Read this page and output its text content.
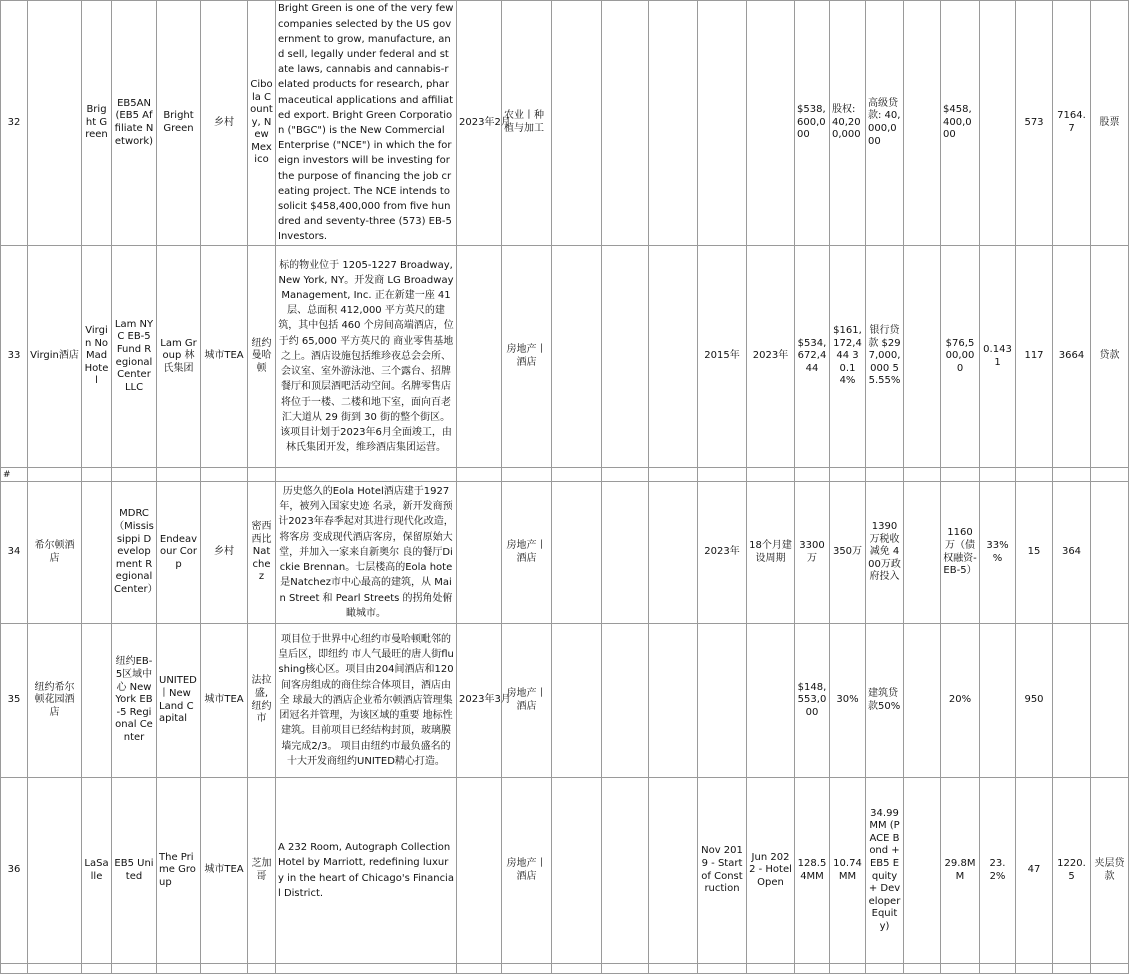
32		Bright Green	EB5AN (EB5 Affiliate Network)	Bright Green	乡村	Cibola County, New Mexico	Bright Green is one of the very few companies selected by the US government to grow, manufacture, and sell, legally under federal and state laws, cannabis and cannabis-related products for research, pharmaceutical applications and affiliated export. Bright Green Corporation ("BGC") is the New Commercial Enterprise ("NCE") in which the foreign investors will be investing for the purpose of financing the job creating project. The NCE intends to solicit $458,400,000 from five hundred and seventy-three (573) EB-5 Investors.	2023年2月	农业丨种植与加工						$538,600,000	股权: 40,200,000	高级贷款: 40,000,000		$458,400,000		573	7164.7	股票
33	Virgin酒店	Virgin NoMad Hotel	Lam NYC EB-5 Fund Regional Center LLC	Lam Group 林氏集团	城市TEA	纽约曼哈顿	标的物业位于 1205-1227 Broadway, New York, NY。开发商 LG Broadway Management, Inc. 正在新建一座 41 层、总面积 412,000 平方英尺的建筑，其中包括 460 个房间高端酒店，位于约 65,000 平方英尺的 商业零售基地之上。酒店设施包括维珍夜总会会所、会议室、室外游泳池、三个露台、招牌餐厅和顶层酒吧活动空间。名牌零售店将位于一楼、二楼和地下室，面向百老汇大道从 29 街到 30 街的整个街区。该项目计划于2023年6月全面竣工，由林氏集团开发，维珍酒店集团运营。		房地产丨酒店				2015年	2023年	$534,672,444	$161,172,444 30.14%	银行贷款 $297,000,000 55.55%		$76,500,000	0.1431	117	3664	贷款
#																							
34	希尔顿酒店		MDRC（Mississippi Development Regional Center）	Endeavour Corp	乡村	密西西比Natchez	历史悠久的Eola Hotel酒店建于1927年，被列入国家史迹 名录，新开发商预计2023年春季起对其进行现代化改造，将客房 变成现代酒店客房，保留原始大堂，并加入一家来自新奥尔 良的餐厅Dickie Brennan。七层楼高的Eola hote是Natchez市中心最高的建筑，从 Main Street 和 Pearl Streets 的拐角处俯瞰城市。		房地产丨酒店				2023年	18个月建设周期	3300万	350万	1390万税收减免 400万政府投入		1160万（债权融资-EB-5）	33%%	15	364	
35	纽约希尔顿花园酒店		纽约EB-5区域中心 New York EB-5 Regional Center	UNITED丨New Land Capital	城市TEA	法拉盛,纽约市	项目位于世界中心纽约市曼哈顿毗邻的皇后区，即纽约 市人气最旺的唐人街flushing核心区。项目由204间酒店和120间客房组成的商住综合体项目，酒店由全 球最大的酒店企业希尔顿酒店管理集团冠名并管理，为该区域的重要 地标性建筑。目前项目已经结构封顶，玻璃膜墙完成2/3。 项目由纽约市最负盛名的十大开发商纽约UNITED精心打造。	2023年3月	房地产丨酒店						$148,553,000	30%	建筑贷款50%		20%		950		
36		LaSalle	EB5 United	The Prime Group	城市TEA	芝加哥	A 232 Room, Autograph Collection Hotel by Marriott, redefining luxury in the heart of Chicago's Financial District.		房地产丨酒店				Nov 2019 - Start of Construction	Jun 2022 - Hotel Open	128.54MM	10.74MM	34.99MM (PACE Bond + EB5 Equity + Developer Equity)		29.8MM	23.2%	47	1220.5	夹层贷款
